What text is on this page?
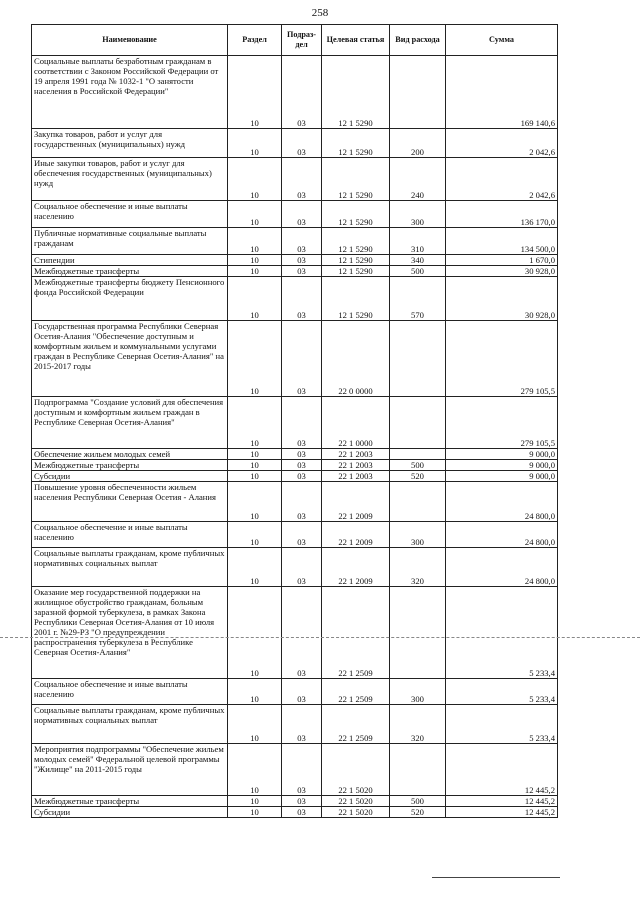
258
Наименование	Раздел	Подраз-дел	Целевая статья	Вид расхода	Сумма
Социальные выплаты безработным гражданам в соответствии с Законом Российской Федерации от 19 апреля 1991 года № 1032-1 "О занятости населения в Российской Федерации"	10	03	12 1 5290		169 140,6
Закупка товаров, работ и услуг для государственных (муниципальных) нужд	10	03	12 1 5290	200	2 042,6
Иные закупки товаров, работ и услуг для обеспечения государственных (муниципальных) нужд	10	03	12 1 5290	240	2 042,6
Социальное обеспечение и иные выплаты населению	10	03	12 1 5290	300	136 170,0
Публичные нормативные социальные выплаты гражданам	10	03	12 1 5290	310	134 500,0
Стипендии	10	03	12 1 5290	340	1 670,0
Межбюджетные трансферты	10	03	12 1 5290	500	30 928,0
Межбюджетные трансферты бюджету Пенсионного фонда Российской Федерации	10	03	12 1 5290	570	30 928,0
Государственная программа Республики Северная Осетия-Алания "Обеспечение доступным и комфортным жильем и коммунальными услугами граждан в Республике Северная Осетия-Алания" на 2015-2017 годы	10	03	22 0 0000		279 105,5
Подпрограмма "Создание условий для обеспечения доступным и комфортным жильем граждан в Республике Северная Осетия-Алания"	10	03	22 1 0000		279 105,5
Обеспечение жильем молодых семей	10	03	22 1 2003		9 000,0
Межбюджетные трансферты	10	03	22 1 2003	500	9 000,0
Субсидии	10	03	22 1 2003	520	9 000,0
Повышение уровня обеспеченности жильем населения Республики Северная Осетия - Алания	10	03	22 1 2009		24 800,0
Социальное обеспечение и иные выплаты населению	10	03	22 1 2009	300	24 800,0
Социальные выплаты гражданам, кроме публичных нормативных социальных выплат	10	03	22 1 2009	320	24 800,0
Оказание мер государственной поддержки на жилищное обустройство гражданам, больным заразной формой туберкулеза, в рамках Закона Республики Северная Осетия-Алания от 10 июля 2001 г. №29-РЗ "О предупреждении распространения туберкулеза в Республике Северная Осетия-Алания"	10	03	22 1 2509		5 233,4
Социальное обеспечение и иные выплаты населению	10	03	22 1 2509	300	5 233,4
Социальные выплаты гражданам, кроме публичных нормативных социальных выплат	10	03	22 1 2509	320	5 233,4
Мероприятия подпрограммы "Обеспечение жильем молодых семей" Федеральной целевой программы "Жилище" на 2011-2015 годы	10	03	22 1 5020		12 445,2
Межбюджетные трансферты	10	03	22 1 5020	500	12 445,2
Субсидии	10	03	22 1 5020	520	12 445,2
